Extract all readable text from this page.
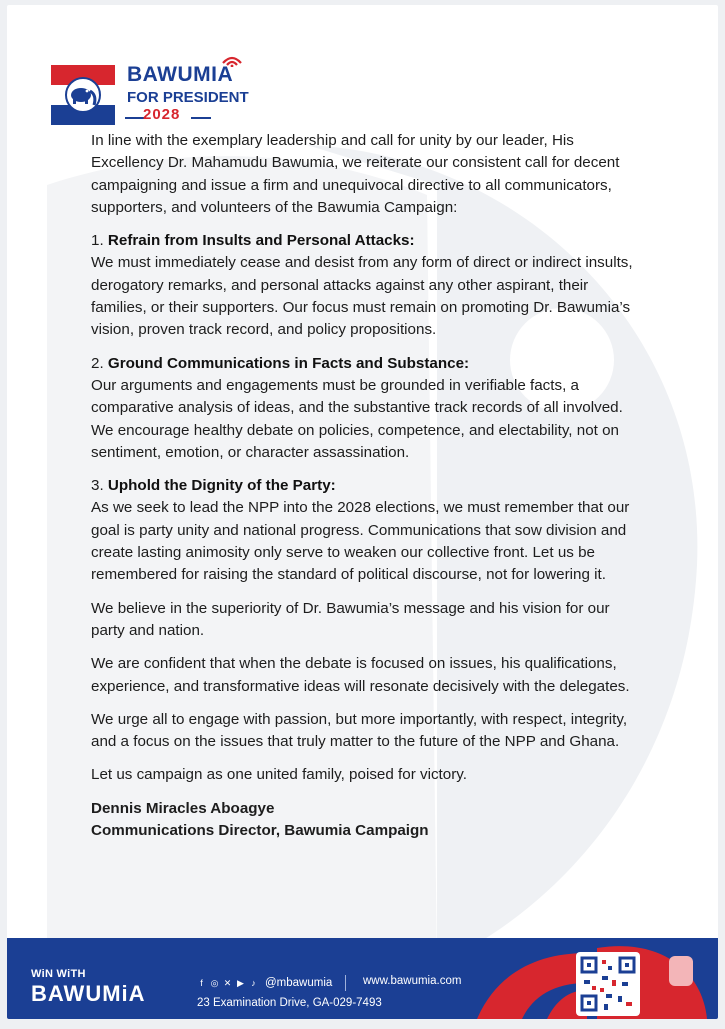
BAWUMIA
FOR PRESIDENT
2028

In line with the exemplary leadership and call for unity by our leader, His Excellency Dr. Mahamudu Bawumia, we reiterate our consistent call for decent campaigning and issue a firm and unequivocal directive to all communicators, supporters, and volunteers of the Bawumia Campaign:

1. Refrain from Insults and Personal Attacks:
We must immediately cease and desist from any form of direct or indirect insults, derogatory remarks, and personal attacks against any other aspirant, their families, or their supporters. Our focus must remain on promoting Dr. Bawumia’s vision, proven track record, and policy propositions.

2. Ground Communications in Facts and Substance:
Our arguments and engagements must be grounded in verifiable facts, a comparative analysis of ideas, and the substantive track records of all involved. We encourage healthy debate on policies, competence, and electability, not on sentiment, emotion, or character assassination.

3. Uphold the Dignity of the Party:
As we seek to lead the NPP into the 2028 elections, we must remember that our goal is party unity and national progress. Communications that sow division and create lasting animosity only serve to weaken our collective front. Let us be remembered for raising the standard of political discourse, not for lowering it.

We believe in the superiority of Dr. Bawumia’s message and his vision for our party and nation.

We are confident that when the debate is focused on issues, his qualifications, experience, and transformative ideas will resonate decisively with the delegates.

We urge all to engage with passion, but more importantly, with respect, integrity, and a focus on the issues that truly matter to the future of the NPP and Ghana.

Let us campaign as one united family, poised for victory.

Dennis Miracles Aboagye
Communications Director, Bawumia Campaign
WiN WiTH
BAWUMiA	f ◎ ✕ ▶ ♪ @mbawumia
23 Examination Drive, GA-029-7493
www.bawumia.com
